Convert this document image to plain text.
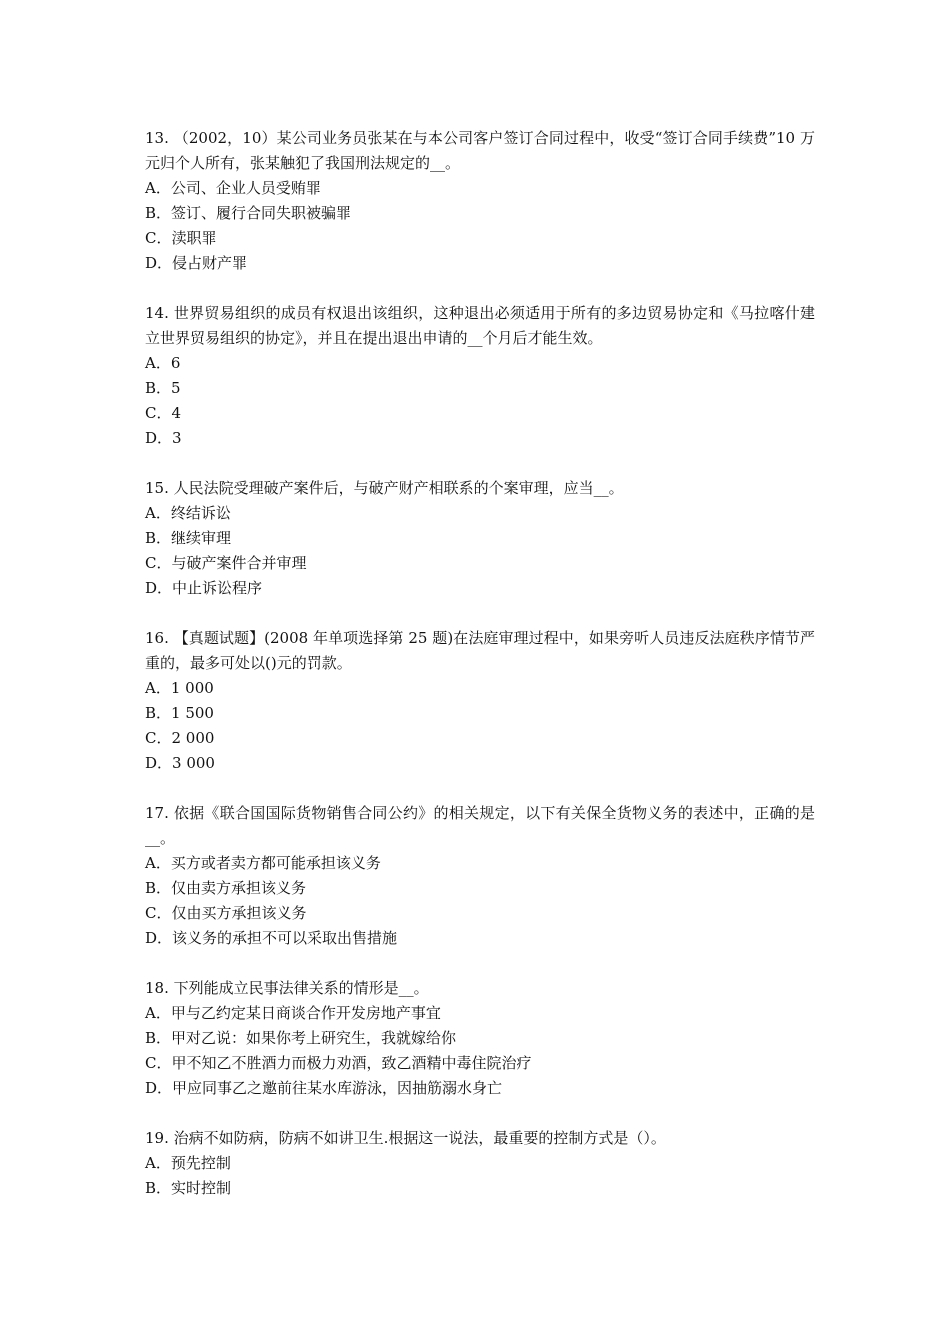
13. （2002，10）某公司业务员张某在与本公司客户签订合同过程中，收受“签订合同手续费”10 万元归个人所有，张某触犯了我国刑法规定的__。

A．公司、企业人员受贿罪
B．签订、履行合同失职被骗罪
C．渎职罪
D．侵占财产罪

14. 世界贸易组织的成员有权退出该组织，这种退出必须适用于所有的多边贸易协定和《马拉喀什建立世界贸易组织的协定》，并且在提出退出申请的__个月后才能生效。

A．6
B．5
C．4
D．3

15. 人民法院受理破产案件后，与破产财产相联系的个案审理，应当__。

A．终结诉讼
B．继续审理
C．与破产案件合并审理
D．中止诉讼程序

16. 【真题试题】(2008 年单项选择第 25 题)在法庭审理过程中，如果旁听人员违反法庭秩序情节严重的，最多可处以()元的罚款。

A．1 000
B．1 500
C．2 000
D．3 000

17. 依据《联合国国际货物销售合同公约》的相关规定，以下有关保全货物义务的表述中，正确的是__。

A．买方或者卖方都可能承担该义务
B．仅由卖方承担该义务
C．仅由买方承担该义务
D．该义务的承担不可以采取出售措施

18. 下列能成立民事法律关系的情形是__。

A．甲与乙约定某日商谈合作开发房地产事宜
B．甲对乙说：如果你考上研究生，我就嫁给你
C．甲不知乙不胜酒力而极力劝酒，致乙酒精中毒住院治疗
D．甲应同事乙之邀前往某水库游泳，因抽筋溺水身亡

19. 治病不如防病，防病不如讲卫生.根据这一说法，最重要的控制方式是（）。

A．预先控制
B．实时控制
